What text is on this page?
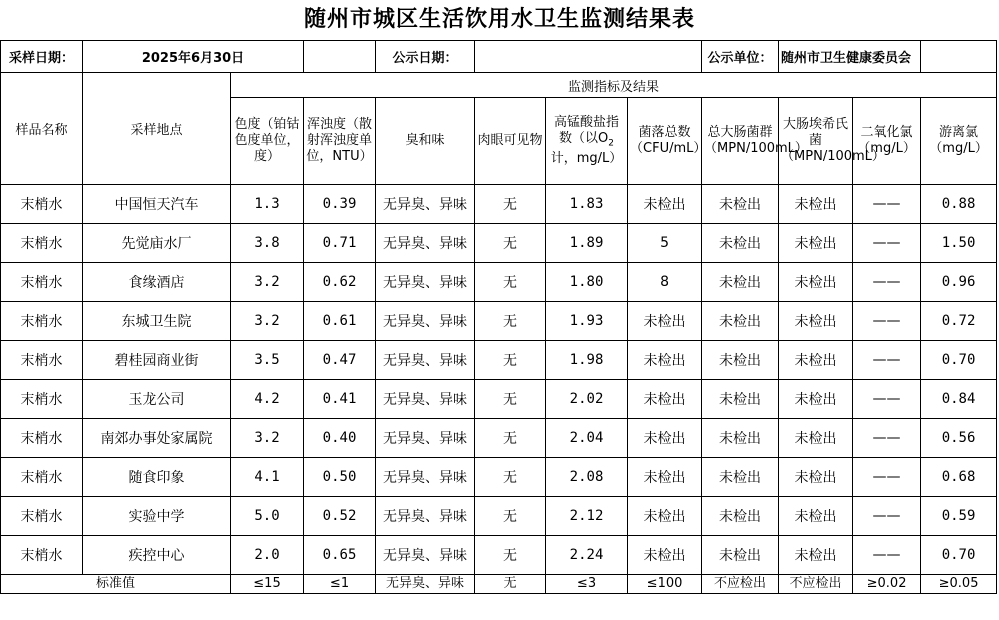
随州市城区生活饮用水卫生监测结果表
采样日期：	2025年6月30日			公示日期：				公示单位：	随州市卫生健康委员会		
样品名称	采样地点	监测指标及结果									
		色度（铂钴色度单位，度）	浑浊度（散射浑浊度单位，NTU）	臭和味	肉眼可见物	高锰酸盐指数（以$O_2$计，mg/L）	菌落总数（CFU/mL）	总大肠菌群（MPN/100mL）	大肠埃希氏菌（MPN/100mL）	二氧化氯（mg/L）	游离氯（mg/L）
末梢水	中国恒天汽车	1.3	0.39	无异臭、异味	无	1.83	未检出	未检出	未检出	——	0.88
末梢水	先觉庙水厂	3.8	0.71	无异臭、异味	无	1.89	5	未检出	未检出	——	1.50
末梢水	食缘酒店	3.2	0.62	无异臭、异味	无	1.80	8	未检出	未检出	——	0.96
末梢水	东城卫生院	3.2	0.61	无异臭、异味	无	1.93	未检出	未检出	未检出	——	0.72
末梢水	碧桂园商业街	3.5	0.47	无异臭、异味	无	1.98	未检出	未检出	未检出	——	0.70
末梢水	玉龙公司	4.2	0.41	无异臭、异味	无	2.02	未检出	未检出	未检出	——	0.84
末梢水	南郊办事处家属院	3.2	0.40	无异臭、异味	无	2.04	未检出	未检出	未检出	——	0.56
末梢水	随食印象	4.1	0.50	无异臭、异味	无	2.08	未检出	未检出	未检出	——	0.68
末梢水	实验中学	5.0	0.52	无异臭、异味	无	2.12	未检出	未检出	未检出	——	0.59
末梢水	疾控中心	2.0	0.65	无异臭、异味	无	2.24	未检出	未检出	未检出	——	0.70
标准值		≤15	≤1	无异臭、异味	无	≤3	≤100	不应检出	不应检出	≥0.02	≥0.05
